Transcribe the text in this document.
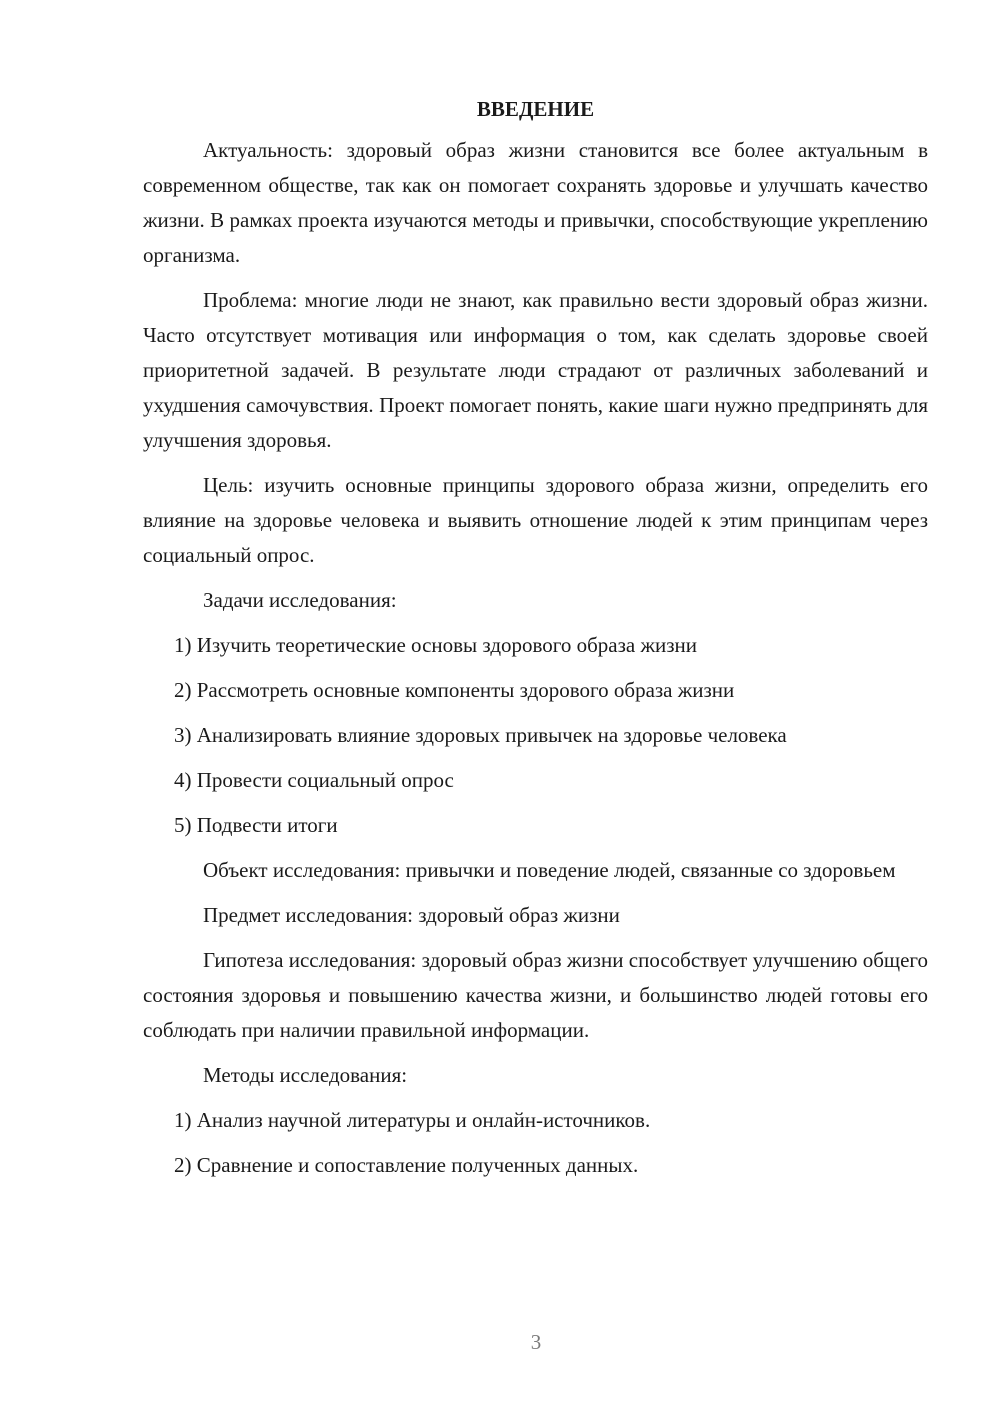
ВВЕДЕНИЕ

Актуальность: здоровый образ жизни становится все более актуальным в современном обществе, так как он помогает сохранять здоровье и улучшать качество жизни. В рамках проекта изучаются методы и привычки, способствующие укреплению организма.

Проблема: многие люди не знают, как правильно вести здоровый образ жизни. Часто отсутствует мотивация или информация о том, как сделать здоровье своей приоритетной задачей. В результате люди страдают от различных заболеваний и ухудшения самочувствия. Проект помогает понять, какие шаги нужно предпринять для улучшения здоровья.

Цель: изучить основные принципы здорового образа жизни, определить его влияние на здоровье человека и выявить отношение людей к этим принципам через социальный опрос.

Задачи исследования:
1) Изучить теоретические основы здорового образа жизни
2) Рассмотреть основные компоненты здорового образа жизни
3) Анализировать влияние здоровых привычек на здоровье человека
4) Провести социальный опрос
5) Подвести итоги

Объект исследования: привычки и поведение людей, связанные со здоровьем

Предмет исследования: здоровый образ жизни

Гипотеза исследования: здоровый образ жизни способствует улучшению общего состояния здоровья и повышению качества жизни, и большинство людей готовы его соблюдать при наличии правильной информации.

Методы исследования:
1) Анализ научной литературы и онлайн-источников.
2) Сравнение и сопоставление полученных данных.
3
